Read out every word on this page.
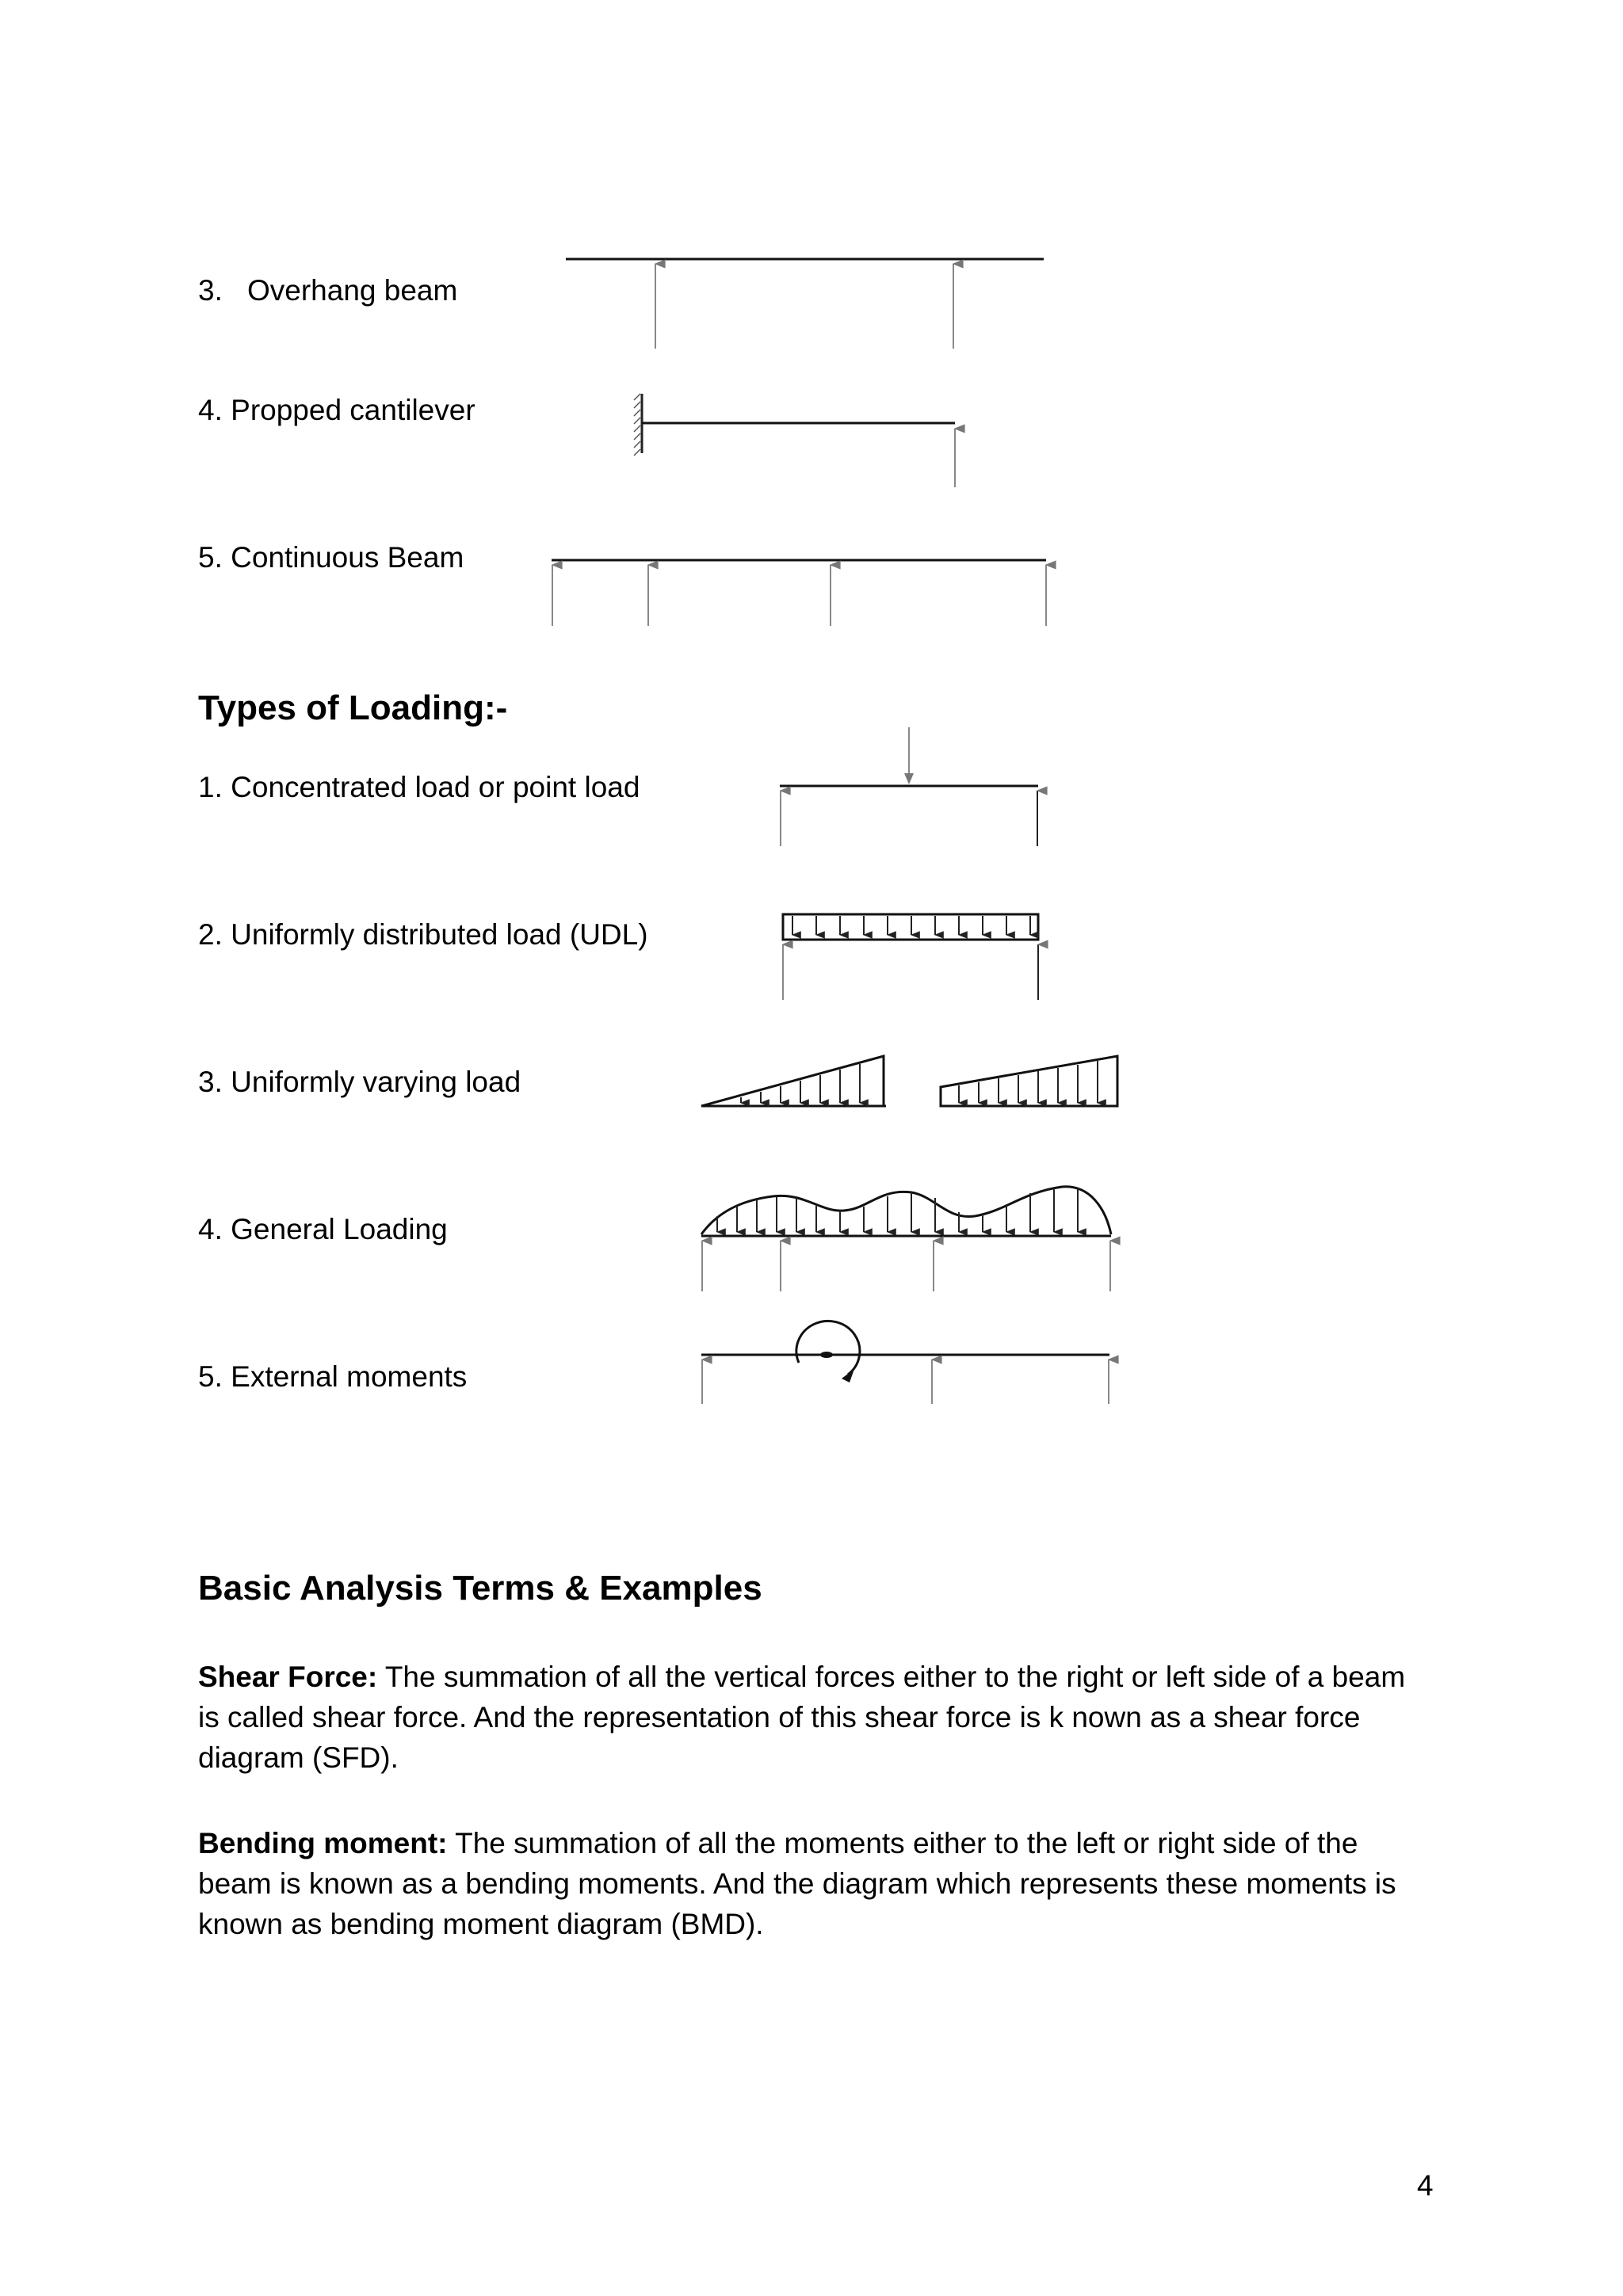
3. Overhang beam
4. Propped cantilever
5. Continuous Beam
Types of Loading:-
1. Concentrated load or point load
2. Uniformly distributed load (UDL)
3. Uniformly varying load
4. General Loading
5. External moments
Basic Analysis Terms & Examples
Shear Force: The summation of all the vertical forces either to the right or left side of a beam is called shear force. And the representation of this shear force is k nown as a shear force diagram (SFD).
Bending moment: The summation of all the moments either to the left or right side of the beam is known as a bending moments. And the diagram which represents these moments is known as bending moment diagram (BMD).
4
